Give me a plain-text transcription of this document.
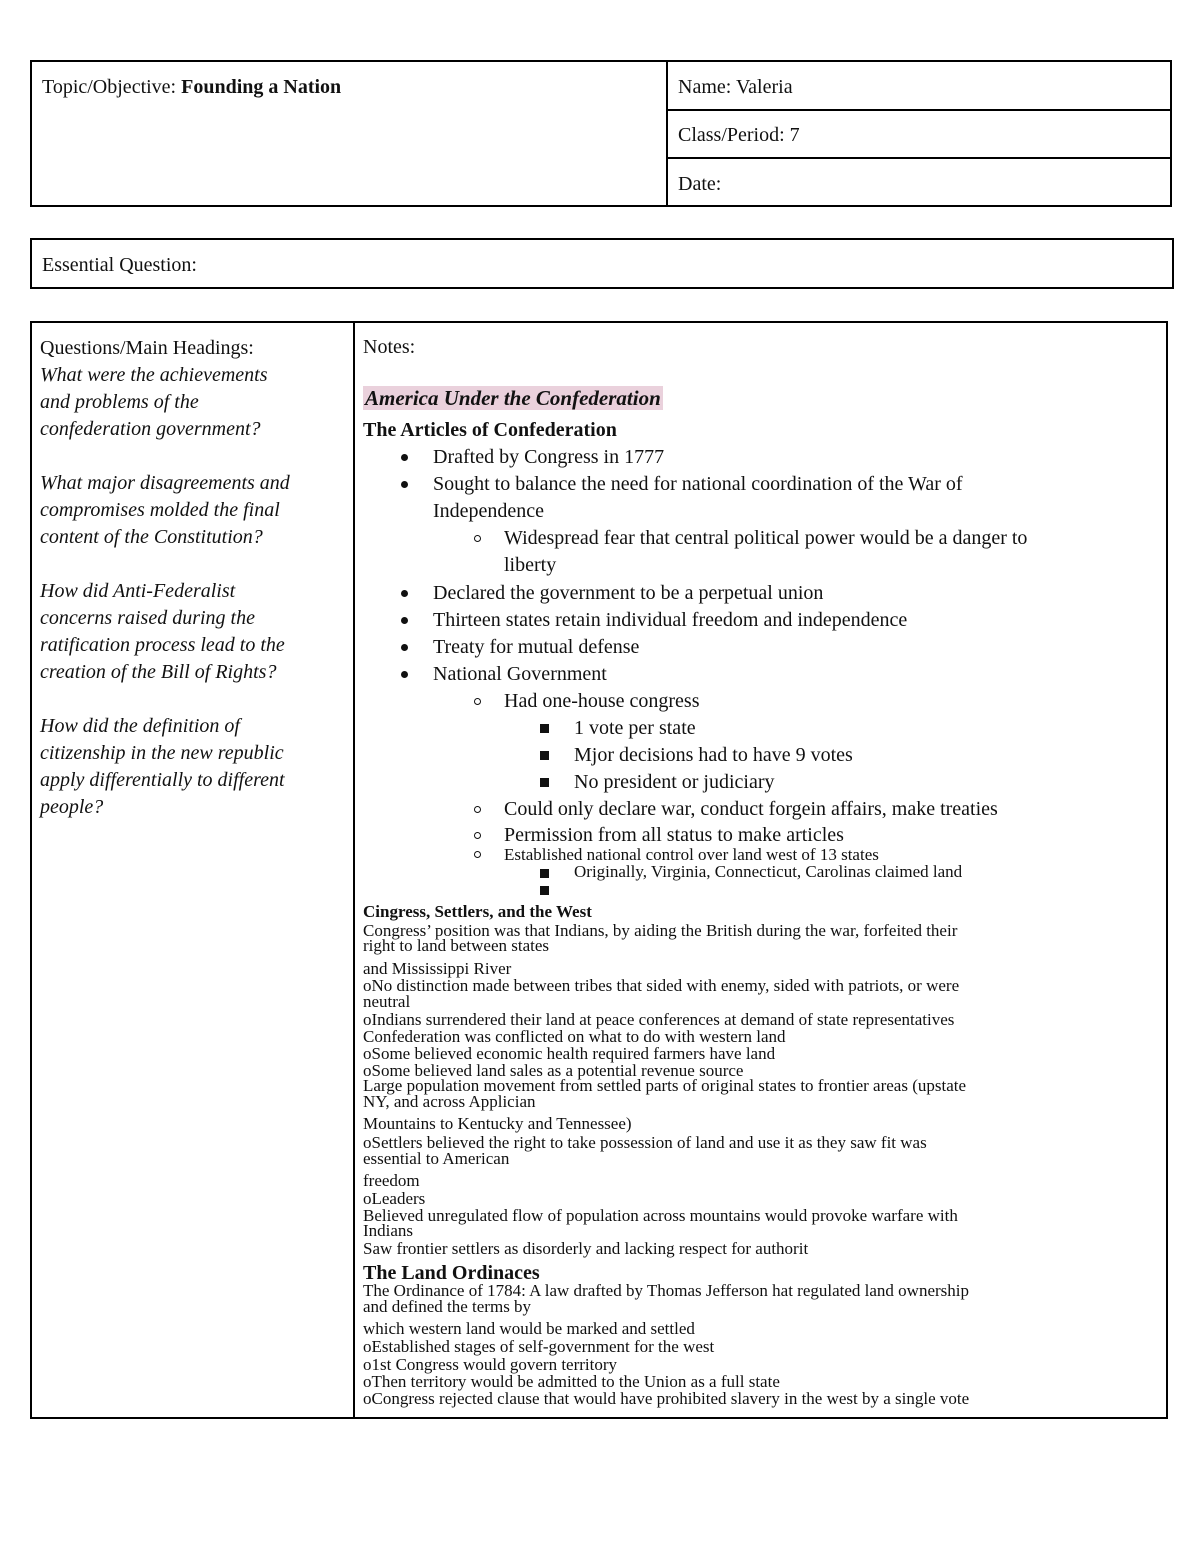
Topic/Objective: Founding a Nation	Name: Valeria
Class/Period: 7
Date:
Essential Question:
Questions/Main Headings:
What were the achievements
and problems of the
confederation government?
What major disagreements and
compromises molded the final
content of the Constitution?
How did Anti-Federalist
concerns raised during the
ratification process lead to the
creation of the Bill of Rights?
How did the definition of
citizenship in the new republic
apply differentially to different
people?
Notes:
America Under the Confederation
The Articles of Confederation
Drafted by Congress in 1777
Sought to balance the need for national coordination of the War of
Independence
Widespread fear that central political power would be a danger to
liberty
Declared the government to be a perpetual union
Thirteen states retain individual freedom and independence
Treaty for mutual defense
National Government
Had one-house congress
1 vote per state
Mjor decisions had to have 9 votes
No president or judiciary
Could only declare war, conduct forgein affairs, make treaties
Permission from all status to make articles
Established national control over land west of 13 states
Originally, Virginia, Connecticut, Carolinas claimed land
Cingress, Settlers, and the West
Congress’ position was that Indians, by aiding the British during the war, forfeited their
right to land between states
and Mississippi River
oNo distinction made between tribes that sided with enemy, sided with patriots, or were
neutral
oIndians surrendered their land at peace conferences at demand of state representatives
Confederation was conflicted on what to do with western land
oSome believed economic health required farmers have land
oSome believed land sales as a potential revenue source
Large population movement from settled parts of original states to frontier areas (upstate
NY, and across Applician
Mountains to Kentucky and Tennessee)
oSettlers believed the right to take possession of land and use it as they saw fit was
essential to American
freedom
oLeaders
Believed unregulated flow of population across mountains would provoke warfare with
Indians
Saw frontier settlers as disorderly and lacking respect for authorit
The Land Ordinaces
The Ordinance of 1784: A law drafted by Thomas Jefferson hat regulated land ownership
and defined the terms by
which western land would be marked and settled
oEstablished stages of self-government for the west
o1st Congress would govern territory
oThen territory would be admitted to the Union as a full state
oCongress rejected clause that would have prohibited slavery in the west by a single vote
